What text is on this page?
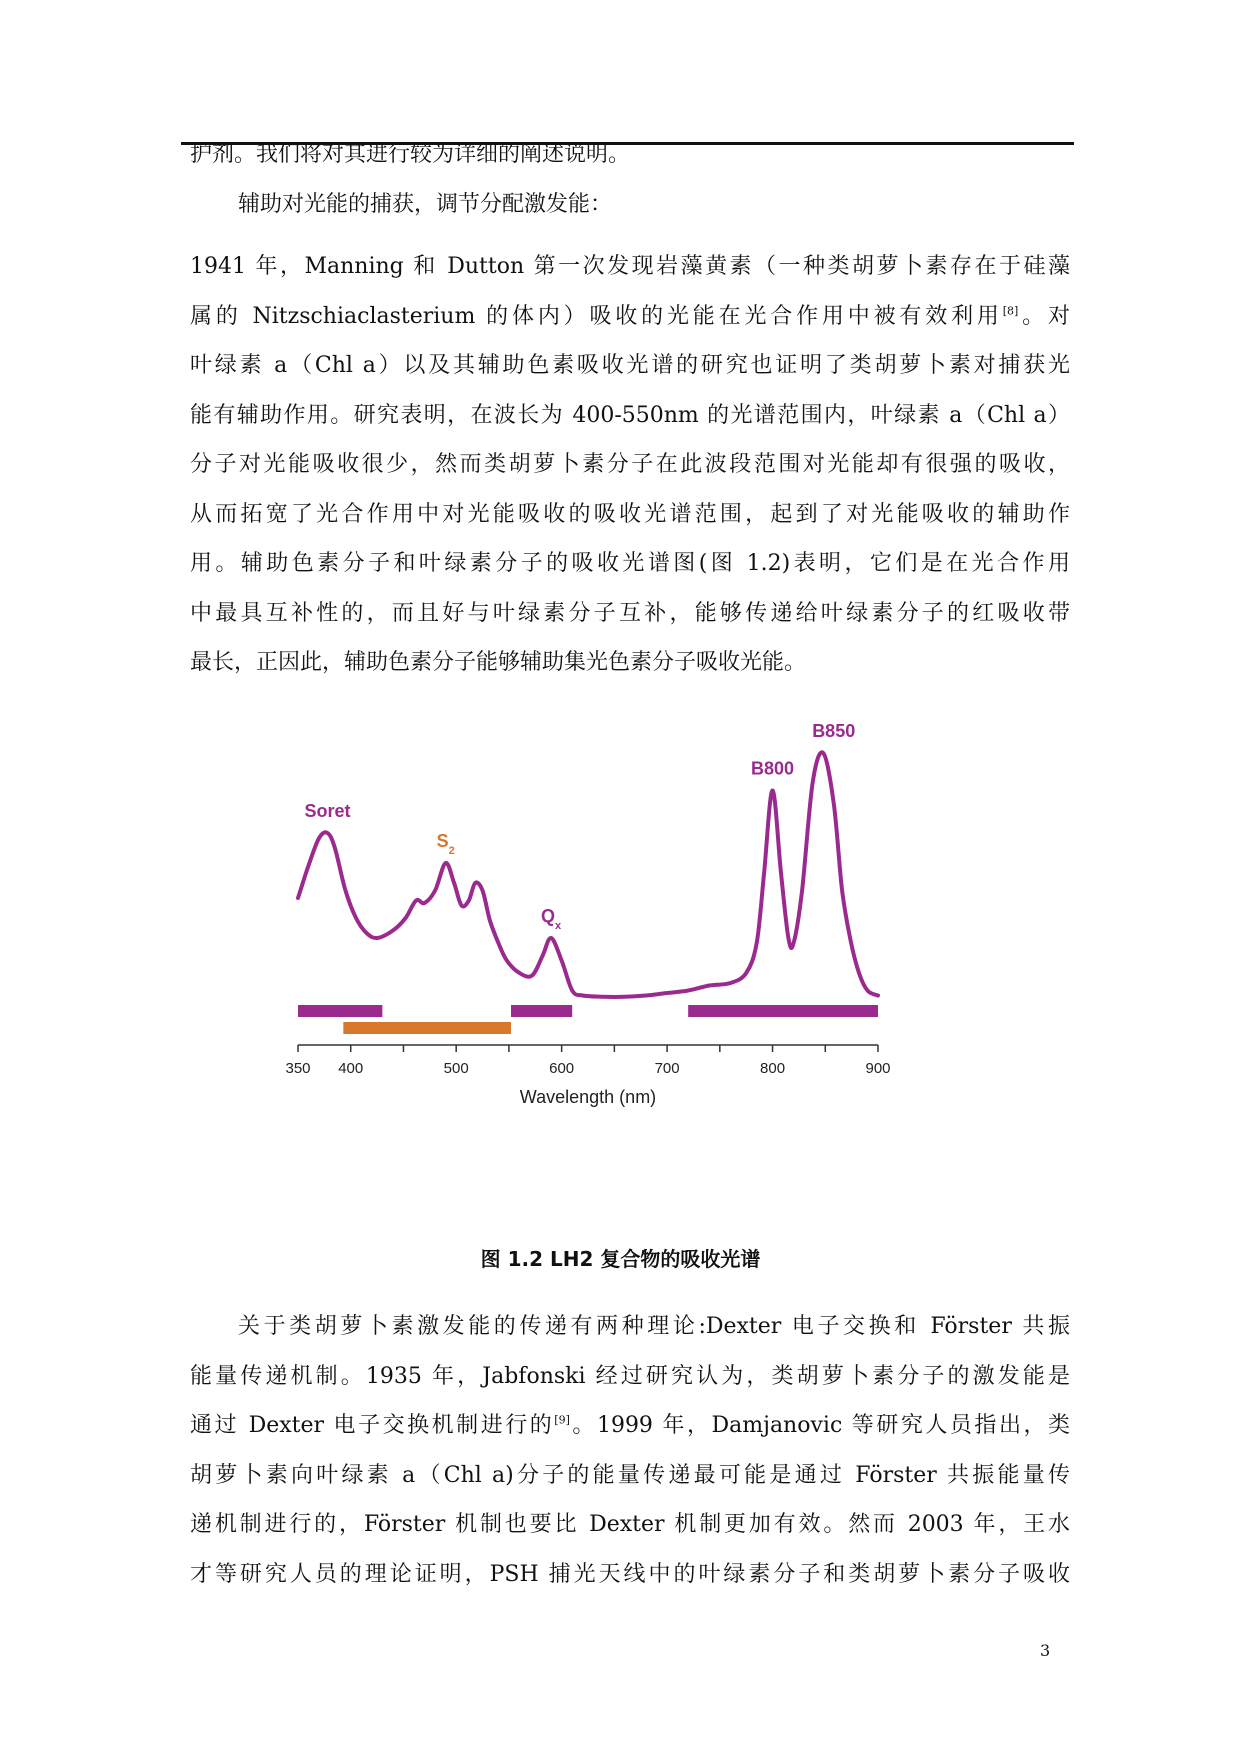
护剂。我们将对其进行较为详细的阐述说明。
辅助对光能的捕获，调节分配激发能：
1941 年，Manning 和 Dutton 第一次发现岩藻黄素（一种类胡萝卜素存在于硅藻
属的 Nitzschiaclasterium 的体内）吸收的光能在光合作用中被有效利用[8]。对
叶绿素 a（Chl a）以及其辅助色素吸收光谱的研究也证明了类胡萝卜素对捕获光
能有辅助作用。研究表明，在波长为 400-550nm 的光谱范围内，叶绿素 a（Chl a）
分子对光能吸收很少，然而类胡萝卜素分子在此波段范围对光能却有很强的吸收，
从而拓宽了光合作用中对光能吸收的吸收光谱范围，起到了对光能吸收的辅助作
用。辅助色素分子和叶绿素分子的吸收光谱图(图 1.2)表明，它们是在光合作用
中最具互补性的，而且好与叶绿素分子互补，能够传递给叶绿素分子的红吸收带
最长，正因此，辅助色素分子能够辅助集光色素分子吸收光能。
350 400	500	600	700	800	900
Wavelength (nm)
Soret
$S_2$
$Q_x$
B800
B850
图 1.2 LH2 复合物的吸收光谱
关于类胡萝卜素激发能的传递有两种理论:Dexter 电子交换和 Förster 共振
能量传递机制。1935 年，Jabfonski 经过研究认为，类胡萝卜素分子的激发能是
通过 Dexter 电子交换机制进行的[9]。1999 年，Damjanovic 等研究人员指出，类
胡萝卜素向叶绿素 a（Chl a)分子的能量传递最可能是通过 Förster 共振能量传
递机制进行的，Förster 机制也要比 Dexter 机制更加有效。然而 2003 年，王水
才等研究人员的理论证明，PSH 捕光天线中的叶绿素分子和类胡萝卜素分子吸收
3
